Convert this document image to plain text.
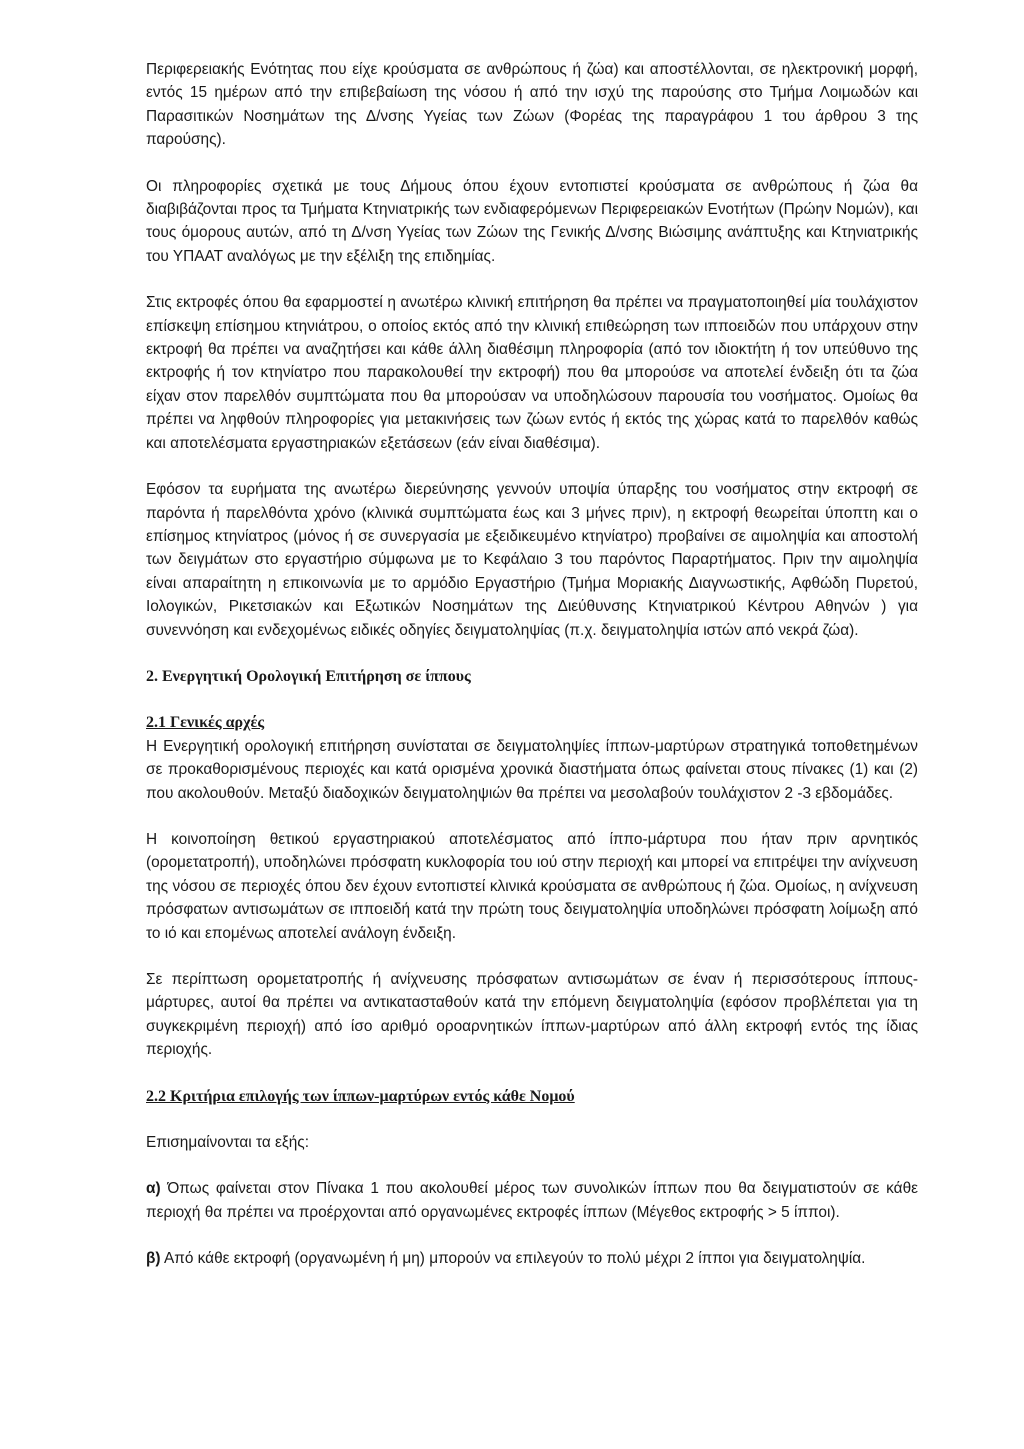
Περιφερειακής Ενότητας που είχε κρούσματα σε ανθρώπους ή ζώα) και αποστέλλονται, σε ηλεκτρονική μορφή, εντός 15 ημέρων από την επιβεβαίωση της νόσου ή από την ισχύ της παρούσης στο Τμήμα Λοιμωδών και Παρασιτικών Νοσημάτων της Δ/νσης Υγείας των Ζώων (Φορέας της παραγράφου 1 του άρθρου 3 της παρούσης).

Οι πληροφορίες σχετικά με τους Δήμους όπου έχουν εντοπιστεί κρούσματα σε ανθρώπους ή ζώα θα διαβιβάζονται προς τα Τμήματα Κτηνιατρικής των ενδιαφερόμενων Περιφερειακών Ενοτήτων (Πρώην Νομών), και τους όμορους αυτών, από τη Δ/νση Υγείας των Ζώων της Γενικής Δ/νσης Βιώσιμης ανάπτυξης και Κτηνιατρικής του ΥΠΑΑΤ αναλόγως με την εξέλιξη της επιδημίας.

Στις εκτροφές όπου θα εφαρμοστεί η ανωτέρω κλινική επιτήρηση θα πρέπει να πραγματοποιηθεί μία τουλάχιστον επίσκεψη επίσημου κτηνιάτρου, ο οποίος εκτός από την κλινική επιθεώρηση των ιπποειδών που υπάρχουν στην εκτροφή θα πρέπει να αναζητήσει και κάθε άλλη διαθέσιμη πληροφορία (από τον ιδιοκτήτη ή τον υπεύθυνο της εκτροφής ή τον κτηνίατρο που παρακολουθεί την εκτροφή) που θα μπορούσε να αποτελεί ένδειξη ότι τα ζώα είχαν στον παρελθόν συμπτώματα που θα μπορούσαν να υποδηλώσουν παρουσία του νοσήματος. Ομοίως θα πρέπει να ληφθούν πληροφορίες για μετακινήσεις των ζώων εντός ή εκτός της χώρας κατά το παρελθόν καθώς και αποτελέσματα εργαστηριακών εξετάσεων (εάν είναι διαθέσιμα).

Εφόσον τα ευρήματα της ανωτέρω διερεύνησης γεννούν υποψία ύπαρξης του νοσήματος στην εκτροφή σε παρόντα ή παρελθόντα χρόνο (κλινικά συμπτώματα έως και 3 μήνες πριν), η εκτροφή θεωρείται ύποπτη και ο επίσημος κτηνίατρος (μόνος ή σε συνεργασία με εξειδικευμένο κτηνίατρο) προβαίνει σε αιμοληψία και αποστολή των δειγμάτων στο εργαστήριο σύμφωνα με το Κεφάλαιο 3 του παρόντος Παραρτήματος. Πριν την αιμοληψία είναι απαραίτητη η επικοινωνία με το αρμόδιο Εργαστήριο (Τμήμα Μοριακής Διαγνωστικής, Αφθώδη Πυρετού, Ιολογικών, Ρικετσιακών και Εξωτικών Νοσημάτων της Διεύθυνσης Κτηνιατρικού Κέντρου Αθηνών ) για συνεννόηση και ενδεχομένως ειδικές οδηγίες δειγματοληψίας (π.χ. δειγματοληψία ιστών από νεκρά ζώα).

2. Ενεργητική Ορολογική Επιτήρηση σε ίππους
2.1 Γενικές αρχές

Η Ενεργητική ορολογική επιτήρηση συνίσταται σε δειγματοληψίες ίππων-μαρτύρων στρατηγικά τοποθετημένων σε προκαθορισμένους περιοχές και κατά ορισμένα χρονικά διαστήματα όπως φαίνεται στους πίνακες (1) και (2) που ακολουθούν. Μεταξύ διαδοχικών δειγματοληψιών θα πρέπει να μεσολαβούν τουλάχιστον 2 -3 εβδομάδες.

Η κοινοποίηση θετικού εργαστηριακού αποτελέσματος από ίππο-μάρτυρα που ήταν πριν αρνητικός (ορομετατροπή), υποδηλώνει πρόσφατη κυκλοφορία του ιού στην περιοχή και μπορεί να επιτρέψει την ανίχνευση της νόσου σε περιοχές όπου δεν έχουν εντοπιστεί κλινικά κρούσματα σε ανθρώπους ή ζώα. Ομοίως, η ανίχνευση πρόσφατων αντισωμάτων σε ιπποειδή κατά την πρώτη τους δειγματοληψία υποδηλώνει πρόσφατη λοίμωξη από το ιό και επομένως αποτελεί ανάλογη ένδειξη.

Σε περίπτωση ορομετατροπής ή ανίχνευσης πρόσφατων αντισωμάτων σε έναν ή περισσότερους ίππους-μάρτυρες, αυτοί θα πρέπει να αντικατασταθούν κατά την επόμενη δειγματοληψία (εφόσον προβλέπεται για τη συγκεκριμένη περιοχή) από ίσο αριθμό οροαρνητικών ίππων-μαρτύρων από άλλη εκτροφή εντός της ίδιας περιοχής.

2.2 Κριτήρια επιλογής των ίππων-μαρτύρων εντός κάθε Νομού

Επισημαίνονται τα εξής:

α) Όπως φαίνεται στον Πίνακα 1 που ακολουθεί μέρος των συνολικών ίππων που θα δειγματιστούν σε κάθε περιοχή θα πρέπει να προέρχονται από οργανωμένες εκτροφές ίππων (Μέγεθος εκτροφής > 5 ίπποι).

β) Από κάθε εκτροφή (οργανωμένη ή μη) μπορούν να επιλεγούν το πολύ μέχρι 2 ίπποι για δειγματοληψία.
